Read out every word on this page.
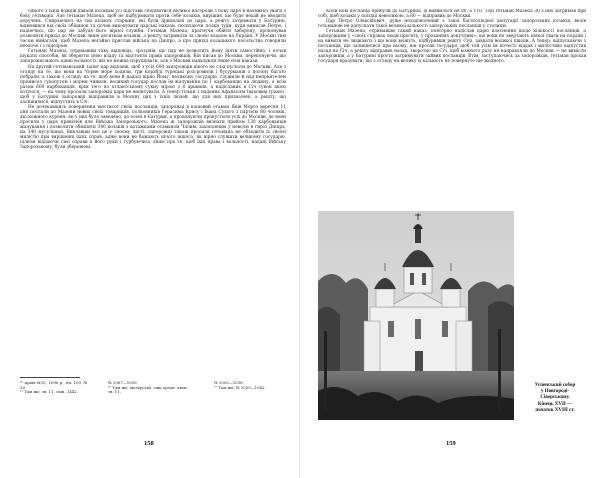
одного з їхніх вождів давали козакам усі підстави сподіватися великої нагороди з боку царя в належної уваги з боку гетьмана. Але гетьман Мазепа, щоб не підбурювати проти себе козаків, вирішив, що буде нехай не вводити доручень. Спираючись на тих кількох старшин, які були прихильні до царя, а решту затримати у Батурині, відмовився від своїх обіцянок та почав виконувати царські накази, посилаючи полки туди, куди вимагав Петро, і надіючись, що цар не забуде його вірної служби. Гетьман Мазепа, прагнучи обійти заборону, пропонував дозволити прихід до Москви лише десяткам козаків, а решту затримати за своєю владою на Україні. У Москві тим часом вимагали, щоб Мазепа негайно прислав війська на Дніпро, а про прихід козацького посольства говорили неохоче і з підозрою.

Гетьман Мазепа, отримавши таку відповідь, зрозумів, що цар не дозволить йому діяти самостійно, і почав шукати способів, як зберегти свою владу та відстояти права запорожців. Він писав до Москви, переконуючи, що запорожці мають давні вольності, які не можна порушувати, але з Москви надходили лише нові накази.

На другий гетьманський запит цар відповів, щоб з усіх 600 запорожців нікого не слід пускати до Москви. Але з огляду на те, що вони на Чорне море ходили, три кораблі турецькі розгромили і бусурманів з полону багато побрали, а також з огляду на те, щоб вони й надалі вірно Йому, великому государю, служили й над неприятелем промисел сухопутом і морем чинили, великий государ послав їм жалування по 1 карбованцю на людину, а всім разом 600 карбованців, крім того по атлантському сукну мірою з 8 аршинів, а надісланих в Січ сукон якою хотілося, — на чому просили запорожці царя не виписувати. А тепер тільки з наданих Афанасієм Іваховим грамот, щоб у Батурині запорожці відправили в Москву цих з їхніх людей, що для них призначені, а решту, що залишилися, відпустить в Січ.

Не дочекавшись повернення шестисот своїх посланців, запорожці в кошовий отаман Яків Мороз вересня 11 дня послали до Мазепи нових своїх товаришів, полковників Герасима Крису і Івана Сухого з партією 80 чоловік, які кожного куреня, як у них було заведено, до осені в Батурин, а пропонуючи пропустити усіх до Москви, де вони просили у царя привілеїв для Війська Запорозького. Мазепа ж запорожців визнати прийом 130 карбованців жалування і дозволити обміняти 340 козаків з ватажками отаманом Чалим, захопленим у неволю в гирлі Дніпра, на 340 мусульман. Виклавши все це у своєму листі, запорожці також просили гетьмана не обходити їх своєю милістю при вирішенні їхніх справ, адже вони не бажають нічого іншого, як вірно служити великому государю, цілком віддаючи свої справи в його руки і турбуючись лише про те, щоб їхні права і вольності, надані Війську Запорозькому, були збережені.

¹⁶ Архів МЗС, 1696 р., пп. 100, № 30.

¹⁷ Там же, зв. 11, сшіі. 1442.

№ 1067—1050.

¹⁸ Там же, малоросій. сшіі орган. акти, зв. 11,

№ 1055—1038.

¹⁹ Там же, № 1059—1042.

158

Коли нові посланці прибули до Батурина, їх виявилося не 80, а 110. Тоді гетьман Мазепа 30 з них затримав при собі, щоб козаки у поїздці невеликою, а 80 — відправив до Москви.

Цар Петро Олексійович, дуже незадоволений з такої багатолюдної депутації запорозьких козаків, велів гетьманові не допускати такої великої кількості запорозьких посланців у столицю.

Гетьман Мазепа, отримавши такий наказ, повторно надіслав царю пояснення щодо кількості посланців, а запорожцям у «своїх справах люди просять, у проханнях докучливі»; що вони не звертають ніякої уваги на поради і на вимоги не зважають і що вони можуть, підбуривши решту Січі, завдати великої шкоди. А тепер, відпускаючи з посланців, що залишилися при ньому, він просив государя, щоб той усім їм почесті віддав і милостиво відпустив назад на Січ, а решту відправив назад, зворотно на Січ, щоб кожного разу не направляли до Москви — не вимісти запорожців, а у Батурині просто затримувати зайвих посланців. Втім, заступаючись за запорожців, гетьман прохав государя вразувати, що з огляду на велику їх кількість не повернуто ще жодного.

Успенський собор
у Новгороді-
Сіверському.
Кінець XVII —
початок XVIII ст.
159
